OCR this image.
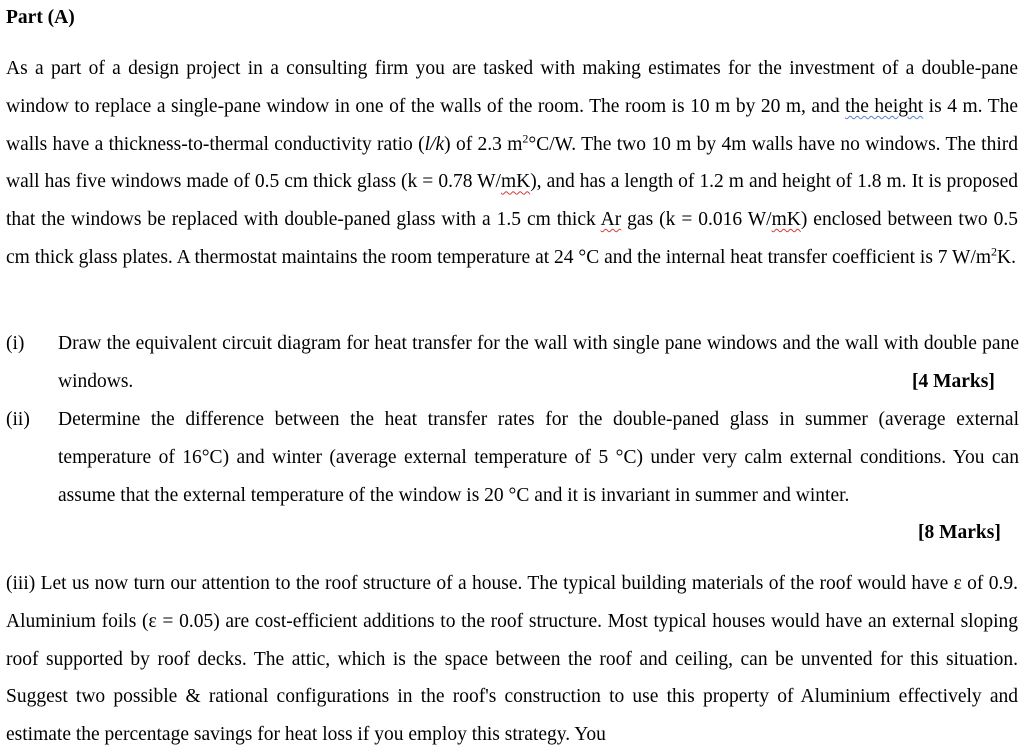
Part (A)
As a part of a design project in a consulting firm you are tasked with making estimates for the investment of a double-pane window to replace a single-pane window in one of the walls of the room. The room is 10 m by 20 m, and the height is 4 m. The walls have a thickness-to-thermal conductivity ratio (l/k) of 2.3 $m^2^\circ C/W$. The two 10 m by 4m walls have no windows. The third wall has five windows made of 0.5 cm thick glass (k = 0.78 W/mK), and has a length of 1.2 m and height of 1.8 m. It is proposed that the windows be replaced with double-paned glass with a 1.5 cm thick Ar gas (k = 0.016 W/mK) enclosed between two 0.5 cm thick glass plates. A thermostat maintains the room temperature at 24 °C and the internal heat transfer coefficient is 7 $W/m^2K$.
(i) Draw the equivalent circuit diagram for heat transfer for the wall with single pane windows and the wall with double pane windows.	[4 Marks]
(ii) Determine the difference between the heat transfer rates for the double-paned glass in summer (average external temperature of 16°C) and winter (average external temperature of 5 °C) under very calm external conditions. You can assume that the external temperature of the window is 20 °C and it is invariant in summer and winter.
[8 Marks]
(iii) Let us now turn our attention to the roof structure of a house. The typical building materials of the roof would have ε of 0.9. Aluminium foils (ε = 0.05) are cost-efficient additions to the roof structure. Most typical houses would have an external sloping roof supported by roof decks. The attic, which is the space between the roof and ceiling, can be unvented for this situation. Suggest two possible & rational configurations in the roof's construction to use this property of Aluminium effectively and estimate the percentage savings for heat loss if you employ this strategy. You
